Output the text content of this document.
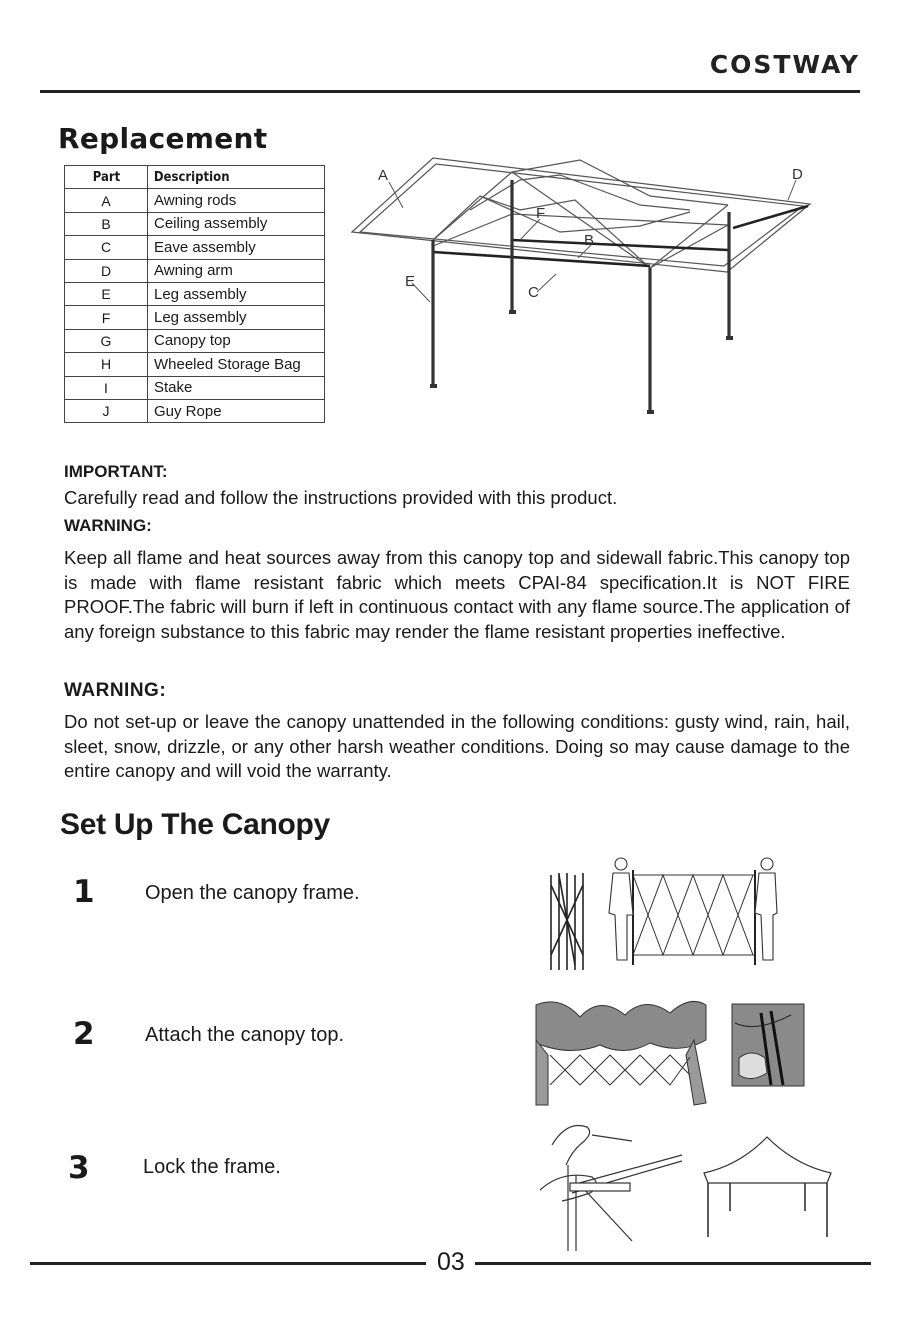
COSTWAY
Replacement
Part	Description
A	Awning rods
B	Ceiling assembly
C	Eave assembly
D	Awning arm
E	Leg assembly
F	Leg assembly
G	Canopy top
H	Wheeled Storage Bag
I	Stake
J	Guy Rope
A
B
C
D
E
F
IMPORTANT:
Carefully read and follow the instructions provided with this product.
WARNING:
Keep all flame and heat sources away from this canopy top and sidewall fabric.This canopy top is made with flame resistant fabric which meets CPAI-84 specification.It is NOT FIRE PROOF.The fabric will burn if left in continuous contact with any flame source.The application of any foreign substance to this fabric may render the flame resistant properties ineffective.
WARNING:
Do not set-up or leave the canopy unattended in the following conditions: gusty wind, rain, hail, sleet, snow, drizzle, or any other harsh weather conditions. Doing so may cause damage to the entire canopy and will void the warranty.
Set Up The Canopy
1	Open the canopy frame.
2	Attach the canopy top.
3	Lock the frame.
03
